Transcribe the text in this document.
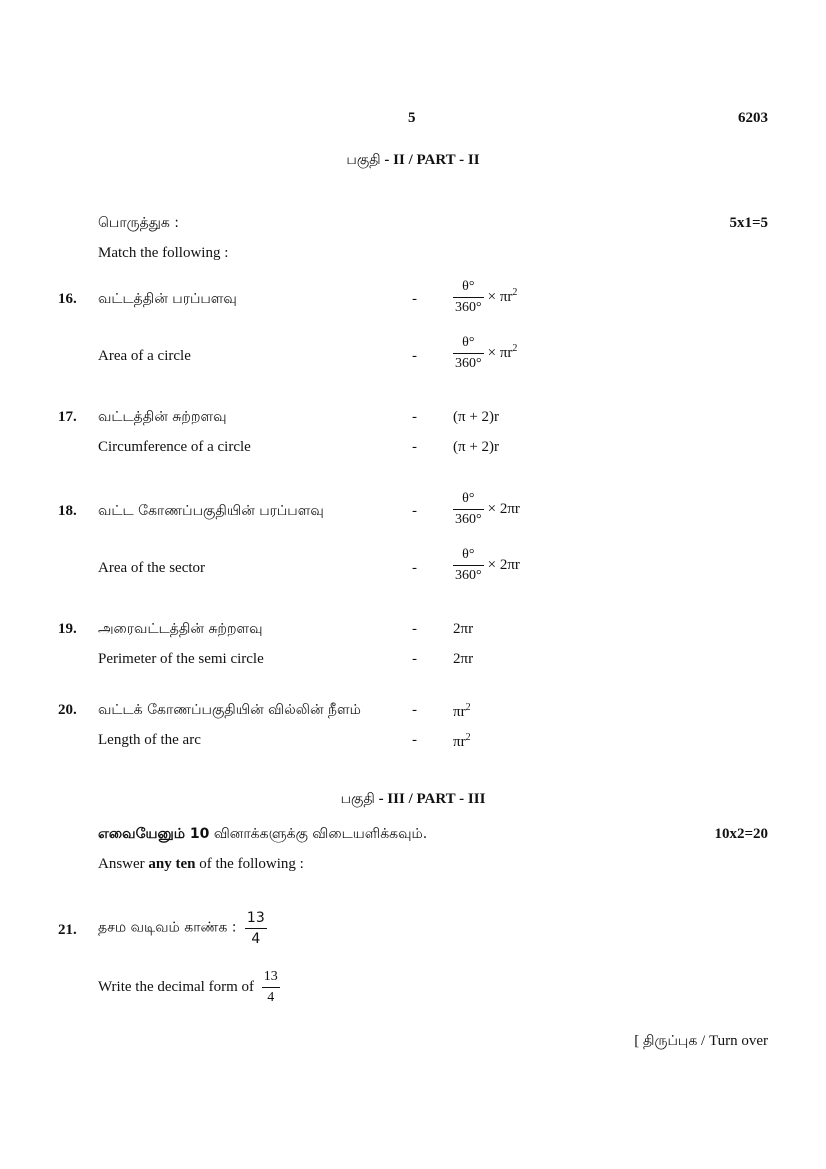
5	6203
பகுதி - II / PART - II
பொருத்துக :	5x1=5
Match the following :
16. வட்டத்தின் பரப்பளவு	-	$\frac{\theta^\circ}{360^\circ} \times \pi r^2$
Area of a circle	-	$\frac{\theta^\circ}{360^\circ} \times \pi r^2$
17. வட்டத்தின் சுற்றளவு	- (π + 2)r
Circumference of a circle	- (π + 2)r
18. வட்ட கோணப்பகுதியின் பரப்பளவு	-	$\frac{\theta^\circ}{360^\circ} \times 2\pi r$
Area of the sector	-	$\frac{\theta^\circ}{360^\circ} \times 2\pi r$
19. அரைவட்டத்தின் சுற்றளவு	- 2πr
Perimeter of the semi circle	- 2πr
20. வட்டக் கோணப்பகுதியின் வில்லின் நீளம்	- $\pi r^2$
Length of the arc	- $\pi r^2$
பகுதி - III / PART - III
எவையேனும் 10 வினாக்களுக்கு விடையளிக்கவும்.	10x2=20
Answer any ten of the following :
21. தசம வடிவம் காண்க : $\frac{13}{4}$
Write the decimal form of $\frac{13}{4}$
[ திருப்புக / Turn over
